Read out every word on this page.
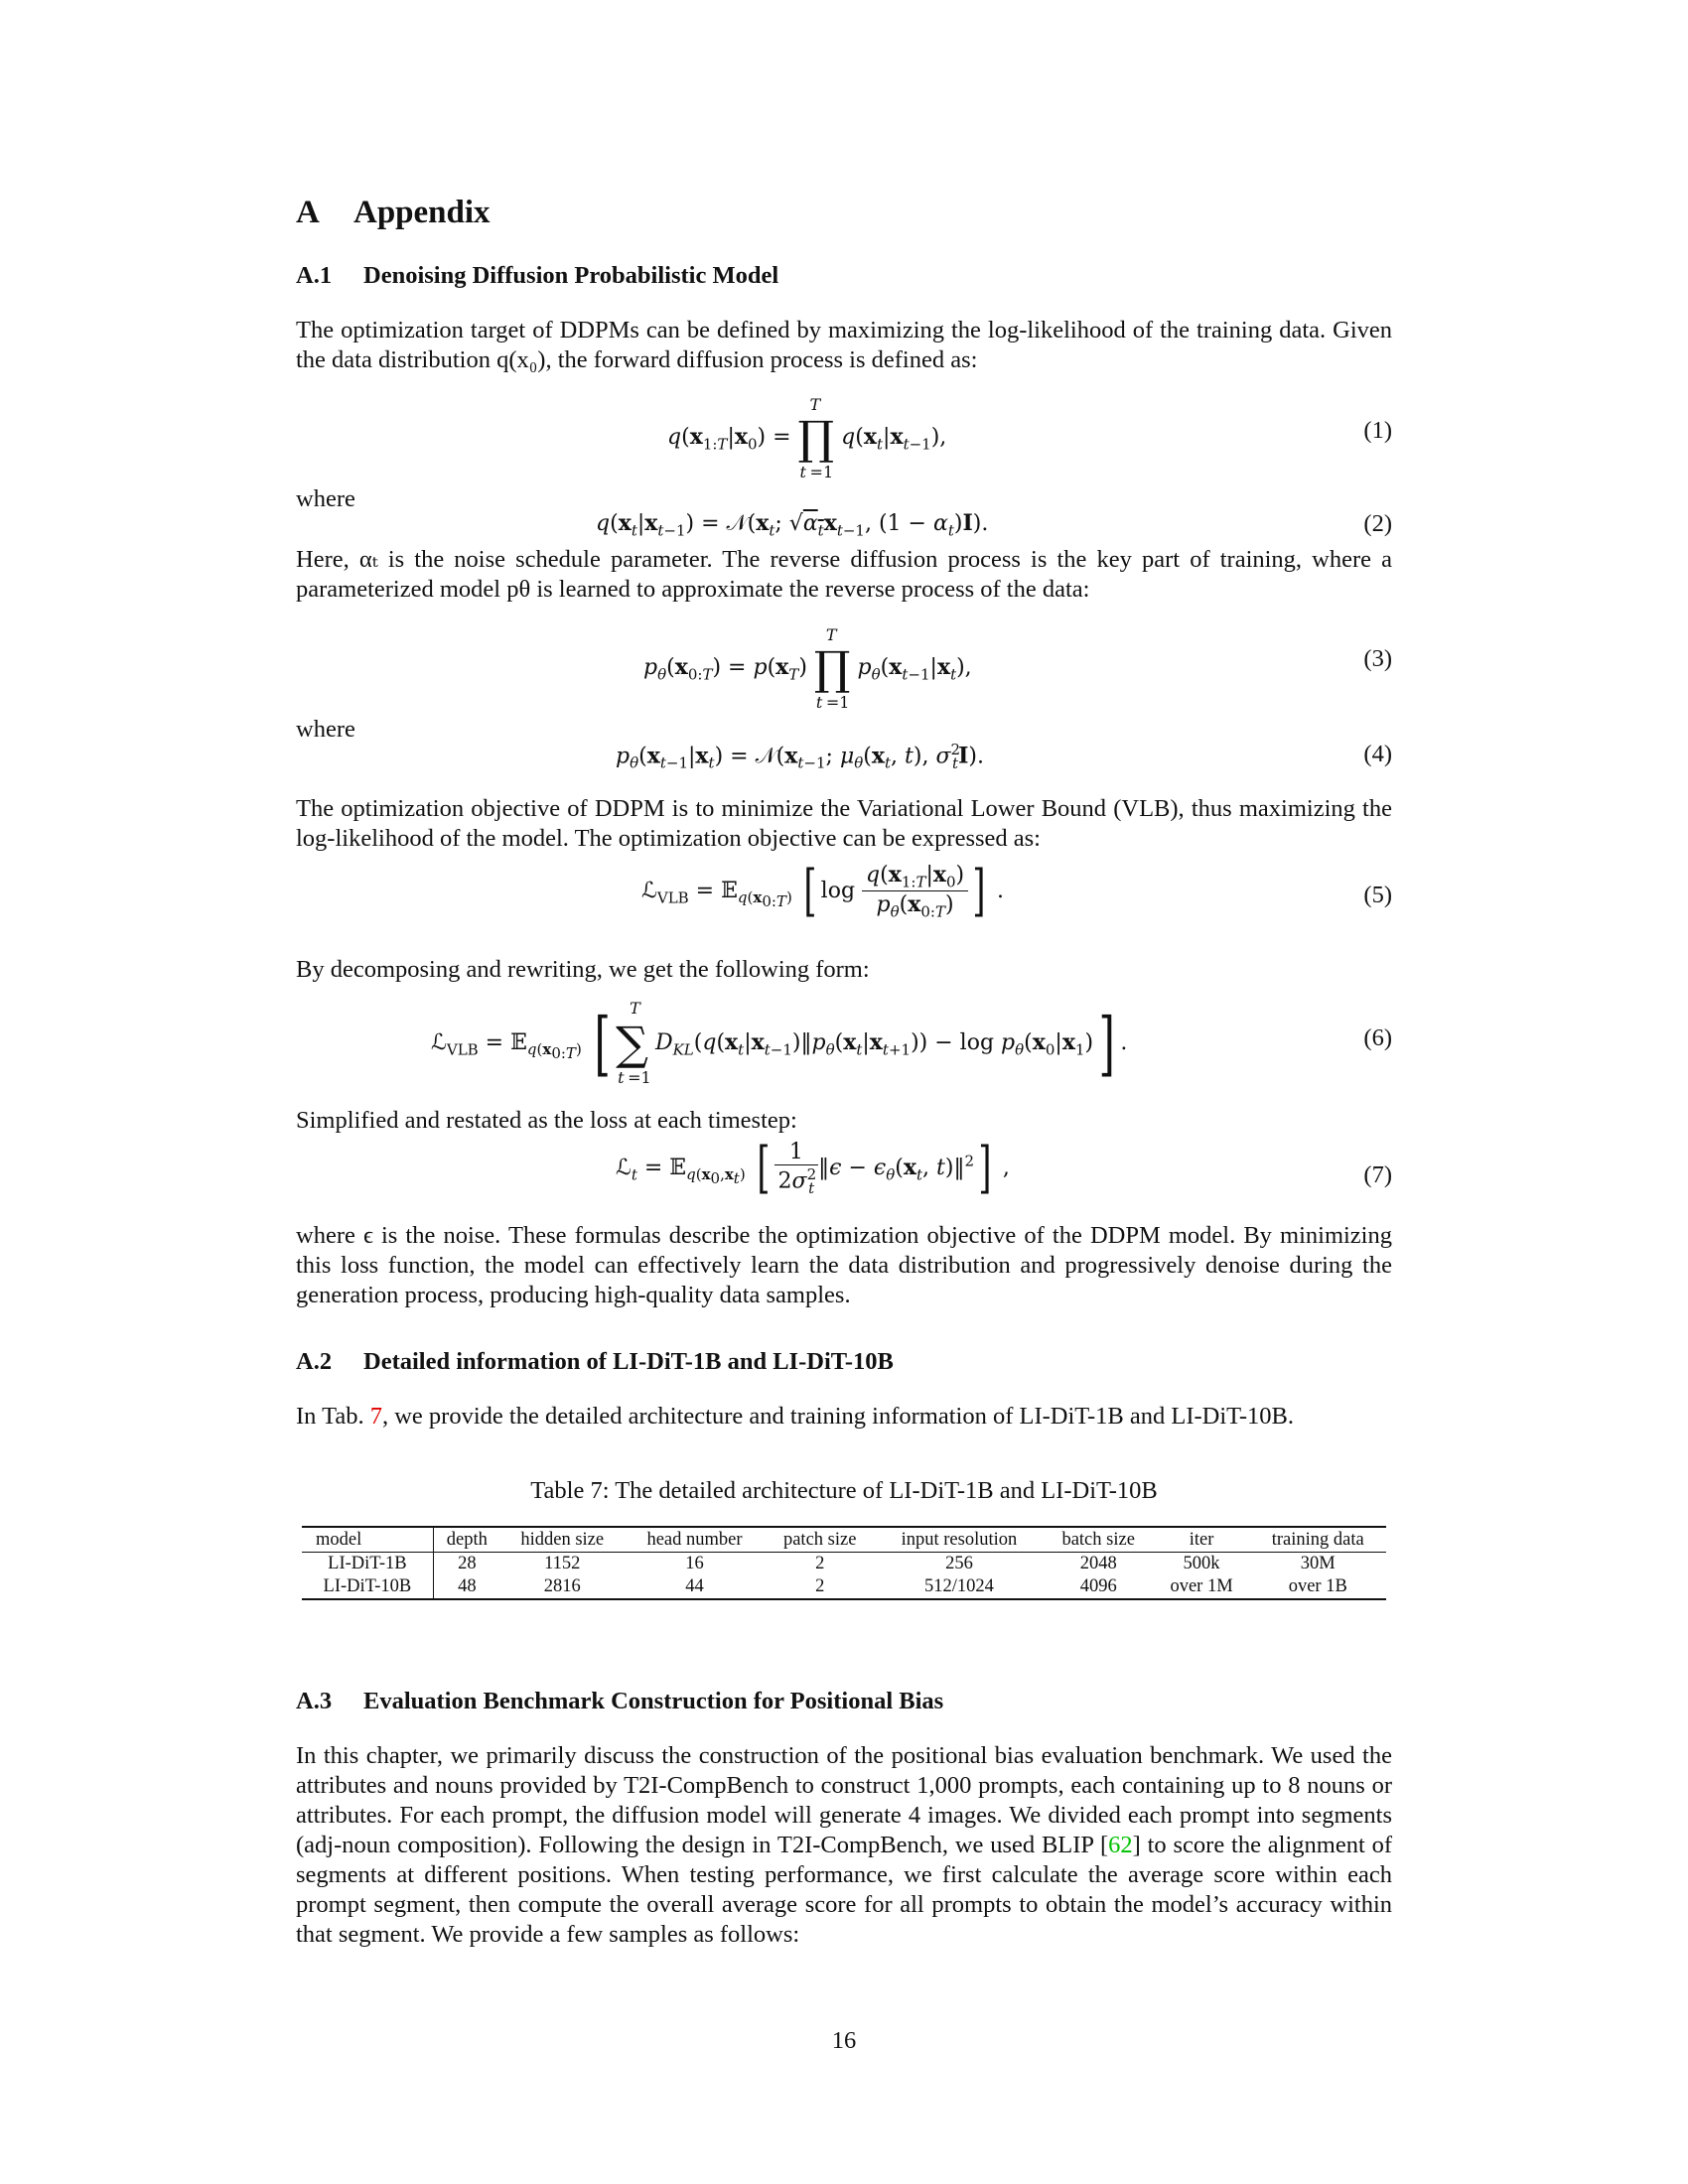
A Appendix
A.1 Denoising Diffusion Probabilistic Model

The optimization target of DDPMs can be defined by maximizing the log-likelihood of the training data. Given the data distribution q(x₀), the forward diffusion process is defined as:

$q(x_{1:T}|x_0)$ =
T
∏
t =1
$q(x_t|x_{t-1})$,	(1)

where

$q(x_t|x_{t-1})$ = $𝒩(x_t$; $√\alpha_tx_{t-1}$, $(1 - \alpha_t)I$).	(2)

Here, αₜ is the noise schedule parameter. The reverse diffusion process is the key part of training, where a parameterized model pθ is learned to approximate the reverse process of the data:

$p_\theta(x_{0:T}) = p(x_T)$
T
∏
t =1
$p_\theta(x_{t-1}|x_t)$,	(3)

where

$p_\theta(x_{t-1}|x_t)$ = $𝒩(x_{t-1}$; $\mu_\theta(x_t$, t), $\sigma^2_tI$).	(4)

The optimization objective of DDPM is to minimize the Variational Lower Bound (VLB), thus maximizing the log-likelihood of the model. The optimization objective can be expressed as:

ℒ$_{VLB}$ = 𝔼$_{q(x_{0:T})}$ [ $\log \frac{q(x_{1:T}|x_0)}{p_\theta(x_{0:T})}$ ] .	(5)

By decomposing and rewriting, we get the following form:

ℒ$_{VLB}$ = 𝔼$_{q(x_{0:T})}$ [ T
∑
t =1
$D_{KL}(q(x_t|x_{t-1})‖p_\theta(x_t|x_{t+1})) - \log p_\theta(x_0|x_1)$] .	(6)

Simplified and restated as the loss at each timestep:

ℒ$_t$ = 𝔼$_{q(x_0,x_t)}$ [ $\frac{1}{2\sigma^2_t}$ ‖ϵ − $\epsilon_\theta(x_t$, t)‖$^2$] ,	(7)

where ϵ is the noise. These formulas describe the optimization objective of the DDPM model. By minimizing this loss function, the model can effectively learn the data distribution and progressively denoise during the generation process, producing high-quality data samples.

A.2 Detailed information of LI-DiT-1B and LI-DiT-10B

In Tab. 7, we provide the detailed architecture and training information of LI-DiT-1B and LI-DiT-10B.

Table 7: The detailed architecture of LI-DiT-1B and LI-DiT-10B
model	depth	hidden size	head number	patch size	input resolution	batch size	iter	training data
LI-DiT-1B	28	1152	16	2	256	2048	500k	30M
LI-DiT-10B	48	2816	44	2	512/1024	4096	over 1M	over 1B
A.3 Evaluation Benchmark Construction for Positional Bias

In this chapter, we primarily discuss the construction of the positional bias evaluation benchmark. We used the attributes and nouns provided by T2I-CompBench to construct 1,000 prompts, each containing up to 8 nouns or attributes. For each prompt, the diffusion model will generate 4 images. We divided each prompt into segments (adj-noun composition). Following the design in T2I-CompBench, we used BLIP [62] to score the alignment of segments at different positions. When testing performance, we first calculate the average score within each prompt segment, then compute the overall average score for all prompts to obtain the model’s accuracy within that segment. We provide a few samples as follows:

16
